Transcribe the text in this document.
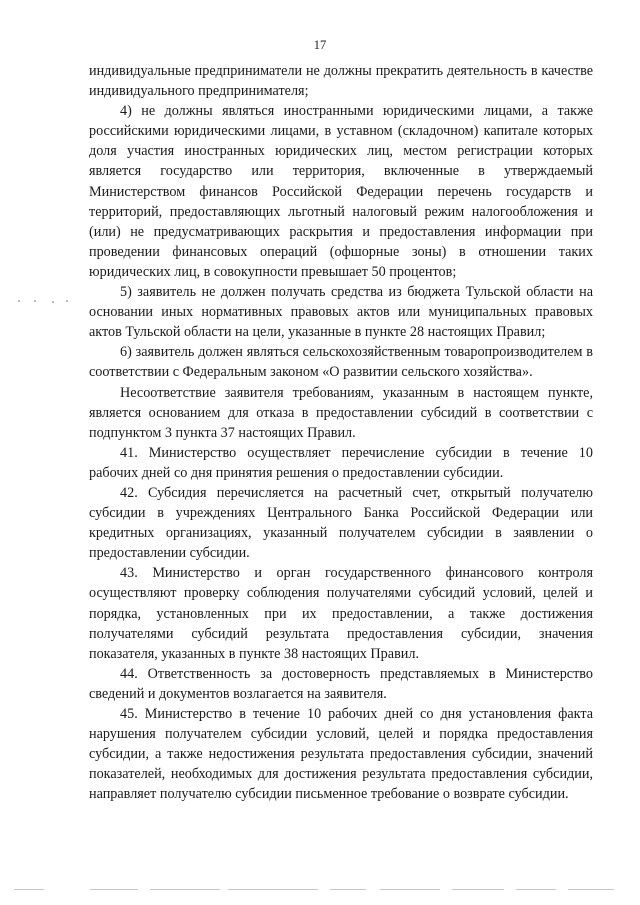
17

индивидуальные предприниматели не должны прекратить деятельность в качестве индивидуального предпринимателя;

4) не должны являться иностранными юридическими лицами, а также российскими юридическими лицами, в уставном (складочном) капитале которых доля участия иностранных юридических лиц, местом регистрации которых является государство или территория, включенные в утверждаемый Министерством финансов Российской Федерации перечень государств и территорий, предоставляющих льготный налоговый режим налогообложения и (или) не предусматривающих раскрытия и предоставления информации при проведении финансовых операций (офшорные зоны) в отношении таких юридических лиц, в совокупности превышает 50 процентов;

5) заявитель не должен получать средства из бюджета Тульской области на основании иных нормативных правовых актов или муниципальных правовых актов Тульской области на цели, указанные в пункте 28 настоящих Правил;

6) заявитель должен являться сельскохозяйственным товаропроизводителем в соответствии с Федеральным законом «О развитии сельского хозяйства».

Несоответствие заявителя требованиям, указанным в настоящем пункте, является основанием для отказа в предоставлении субсидий в соответствии с подпунктом 3 пункта 37 настоящих Правил.

41. Министерство осуществляет перечисление субсидии в течение 10 рабочих дней со дня принятия решения о предоставлении субсидии.

42. Субсидия перечисляется на расчетный счет, открытый получателю субсидии в учреждениях Центрального Банка Российской Федерации или кредитных организациях, указанный получателем субсидии в заявлении о предоставлении субсидии.

43. Министерство и орган государственного финансового контроля осуществляют проверку соблюдения получателями субсидий условий, целей и порядка, установленных при их предоставлении, а также достижения получателями субсидий результата предоставления субсидии, значения показателя, указанных в пункте 38 настоящих Правил.

44. Ответственность за достоверность представляемых в Министерство сведений и документов возлагается на заявителя.

45. Министерство в течение 10 рабочих дней со дня установления факта нарушения получателем субсидии условий, целей и порядка предоставления субсидии, а также недостижения результата предоставления субсидии, значений показателей, необходимых для достижения результата предоставления субсидии, направляет получателю субсидии письменное требование о возврате субсидии.
